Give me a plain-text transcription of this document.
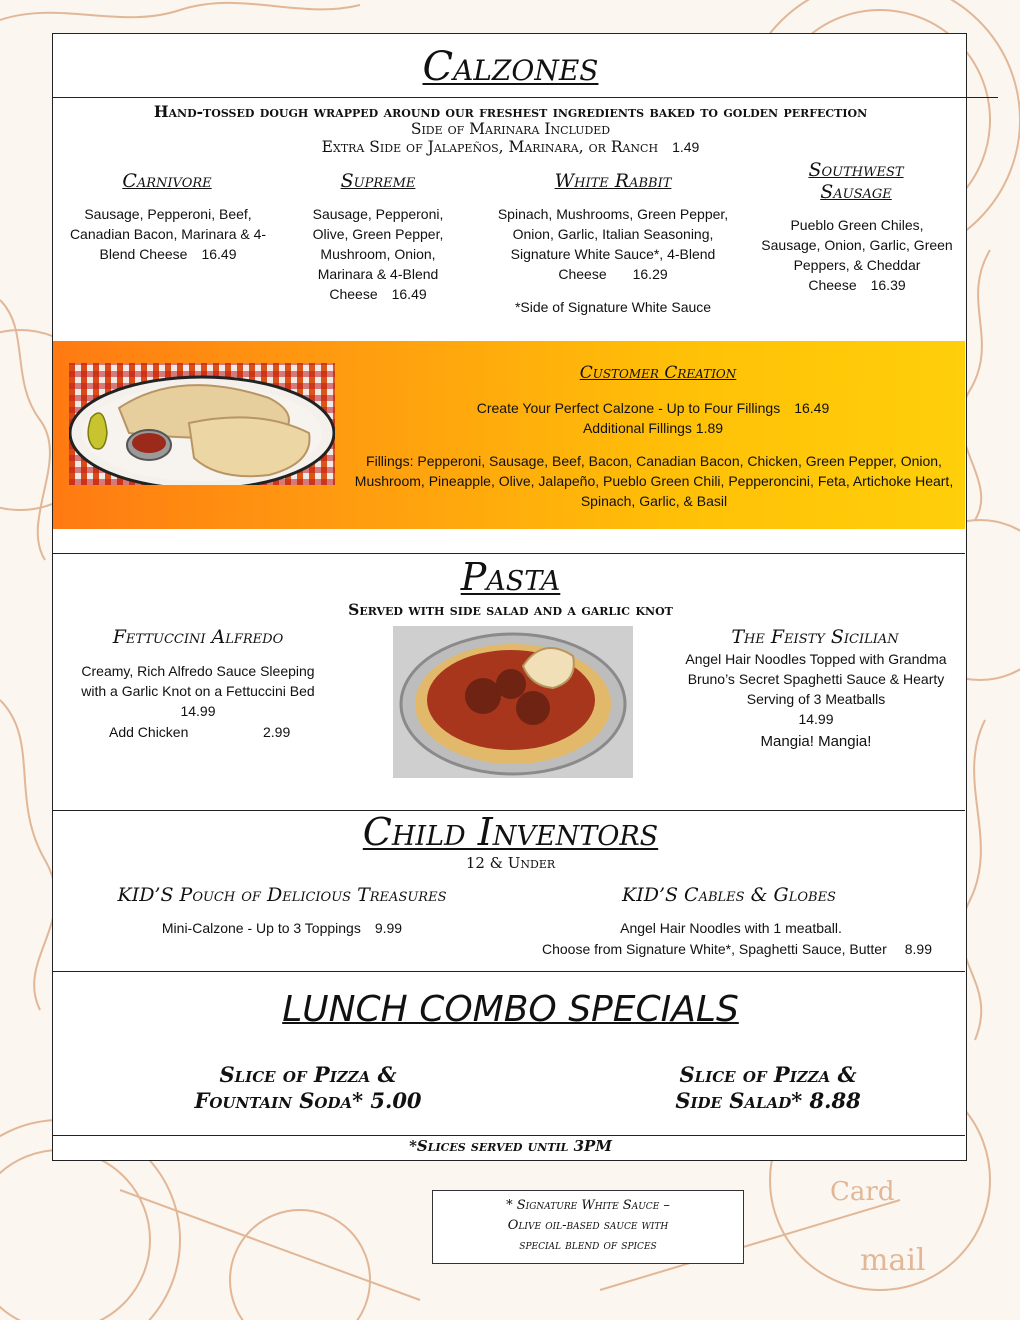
Card
mail
Calzones
Hand-tossed dough wrapped around our freshest ingredients baked to golden perfection
Side of Marinara Included
Extra Side of Jalapeños, Marinara, or Ranch 1.49
Carnivore
Sausage, Pepperoni, Beef, Canadian Bacon, Marinara & 4-Blend Cheese 16.49
Supreme
Sausage, Pepperoni, Olive, Green Pepper, Mushroom, Onion, Marinara & 4-Blend Cheese 16.49
White Rabbit
Spinach, Mushrooms, Green Pepper, Onion, Garlic, Italian Seasoning, Signature White Sauce*, 4-Blend Cheese 16.29
*Side of Signature White Sauce
Southwest
Sausage
Pueblo Green Chiles, Sausage, Onion, Garlic, Green Peppers, & Cheddar Cheese 16.39
Customer Creation
Create Your Perfect Calzone - Up to Four Fillings 16.49
Additional Fillings 1.89
Fillings: Pepperoni, Sausage, Beef, Bacon, Canadian Bacon, Chicken, Green Pepper, Onion, Mushroom, Pineapple, Olive, Jalapeño, Pueblo Green Chili, Pepperoncini, Feta, Artichoke Heart, Spinach, Garlic, & Basil
Pasta
Served with side salad and a garlic knot
Fettuccini Alfredo
Creamy, Rich Alfredo Sauce Sleeping with a Garlic Knot on a Fettuccini Bed
14.99
Add Chicken	2.99
The Feisty Sicilian
Angel Hair Noodles Topped with Grandma Bruno’s Secret Spaghetti Sauce & Hearty Serving of 3 Meatballs
14.99
Mangia! Mangia!
Child Inventors
12 & Under
KID’S Pouch of Delicious Treasures
Mini-Calzone - Up to 3 Toppings 9.99
KID’S Cables & Globes
Angel Hair Noodles with 1 meatball.
Choose from Signature White*, Spaghetti Sauce, Butter 8.99
LUNCH COMBO SPECIALS
Slice of Pizza &
Fountain Soda* 5.00
Slice of Pizza &
Side Salad* 8.88
*Slices served until 3PM
* Signature White Sauce –
Olive oil-based sauce with
special blend of spices
